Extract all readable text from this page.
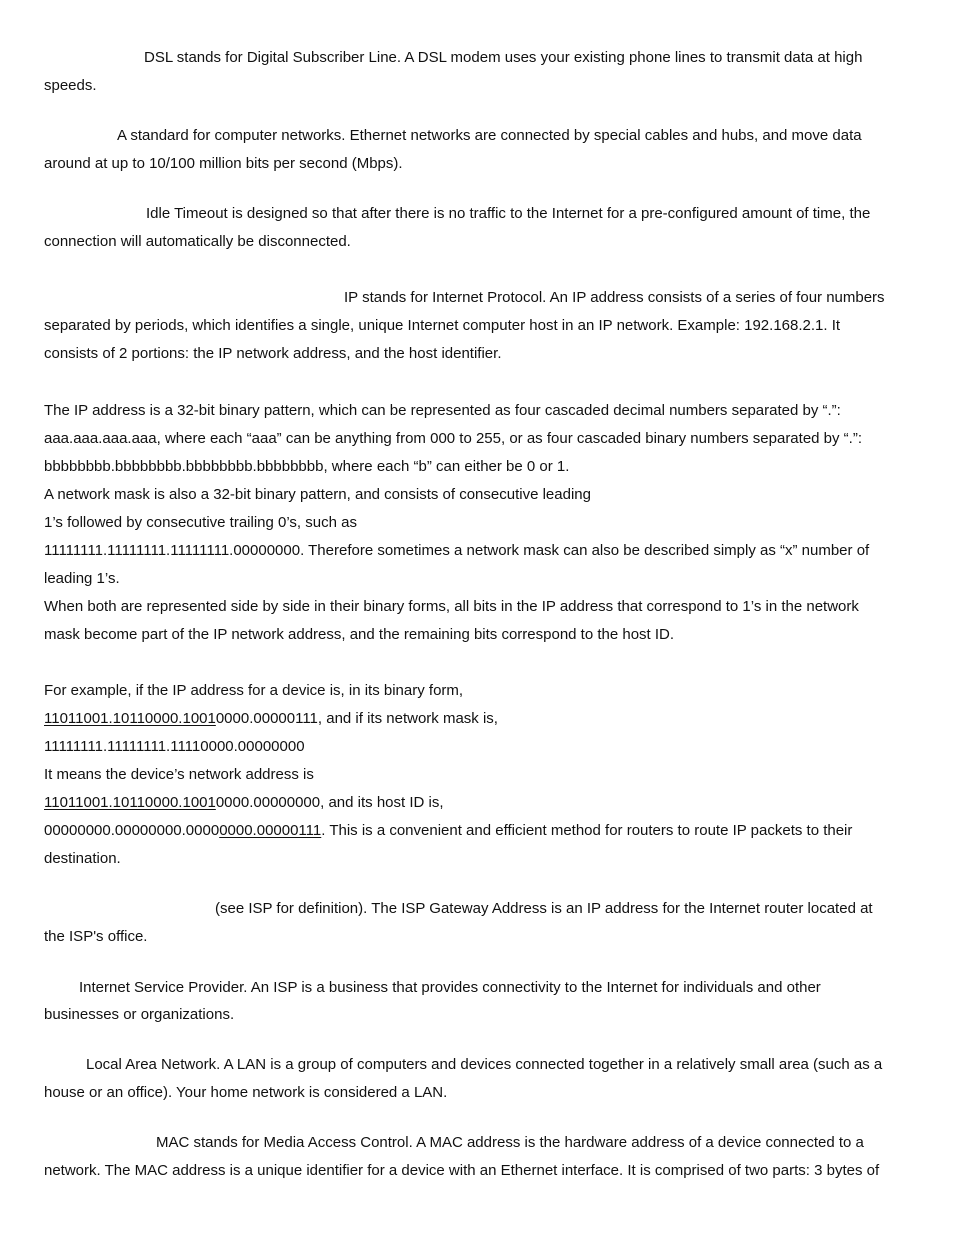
DSL stands for Digital Subscriber Line. A DSL modem uses your existing phone lines to transmit data at high
speeds.
A standard for computer networks. Ethernet networks are connected by special cables and hubs, and move data
around at up to 10/100 million bits per second (Mbps).
Idle Timeout is designed so that after there is no traffic to the Internet for a pre-configured amount of time, the
connection will automatically be disconnected.
IP stands for Internet Protocol. An IP address consists of a series of four numbers
separated by periods, which identifies a single, unique Internet computer host in an IP network. Example: 192.168.2.1. It
consists of 2 portions: the IP network address, and the host identifier.
The IP address is a 32-bit binary pattern, which can be represented as four cascaded decimal numbers separated by “.”:
aaa.aaa.aaa.aaa, where each “aaa” can be anything from 000 to 255, or as four cascaded binary numbers separated by “.”:
bbbbbbbb.bbbbbbbb.bbbbbbbb.bbbbbbbb, where each “b” can either be 0 or 1.
A network mask is also a 32-bit binary pattern, and consists of consecutive leading
1’s followed by consecutive trailing 0’s, such as
11111111.11111111.11111111.00000000. Therefore sometimes a network mask can also be described simply as “x” number of
leading 1’s.
When both are represented side by side in their binary forms, all bits in the IP address that correspond to 1’s in the network
mask become part of the IP network address, and the remaining bits correspond to the host ID.
For example, if the IP address for a device is, in its binary form,
11011001.10110000.10010000.00000111, and if its network mask is,
11111111.11111111.11110000.00000000
It means the device’s network address is
11011001.10110000.10010000.00000000, and its host ID is,
00000000.00000000.00000000.00000111. This is a convenient and efficient method for routers to route IP packets to their
destination.
(see ISP for definition). The ISP Gateway Address is an IP address for the Internet router located at
the ISP's office.
Internet Service Provider. An ISP is a business that provides connectivity to the Internet for individuals and other
businesses or organizations.
Local Area Network. A LAN is a group of computers and devices connected together in a relatively small area (such as a
house or an office). Your home network is considered a LAN.
MAC stands for Media Access Control. A MAC address is the hardware address of a device connected to a
network. The MAC address is a unique identifier for a device with an Ethernet interface. It is comprised of two parts: 3 bytes of
